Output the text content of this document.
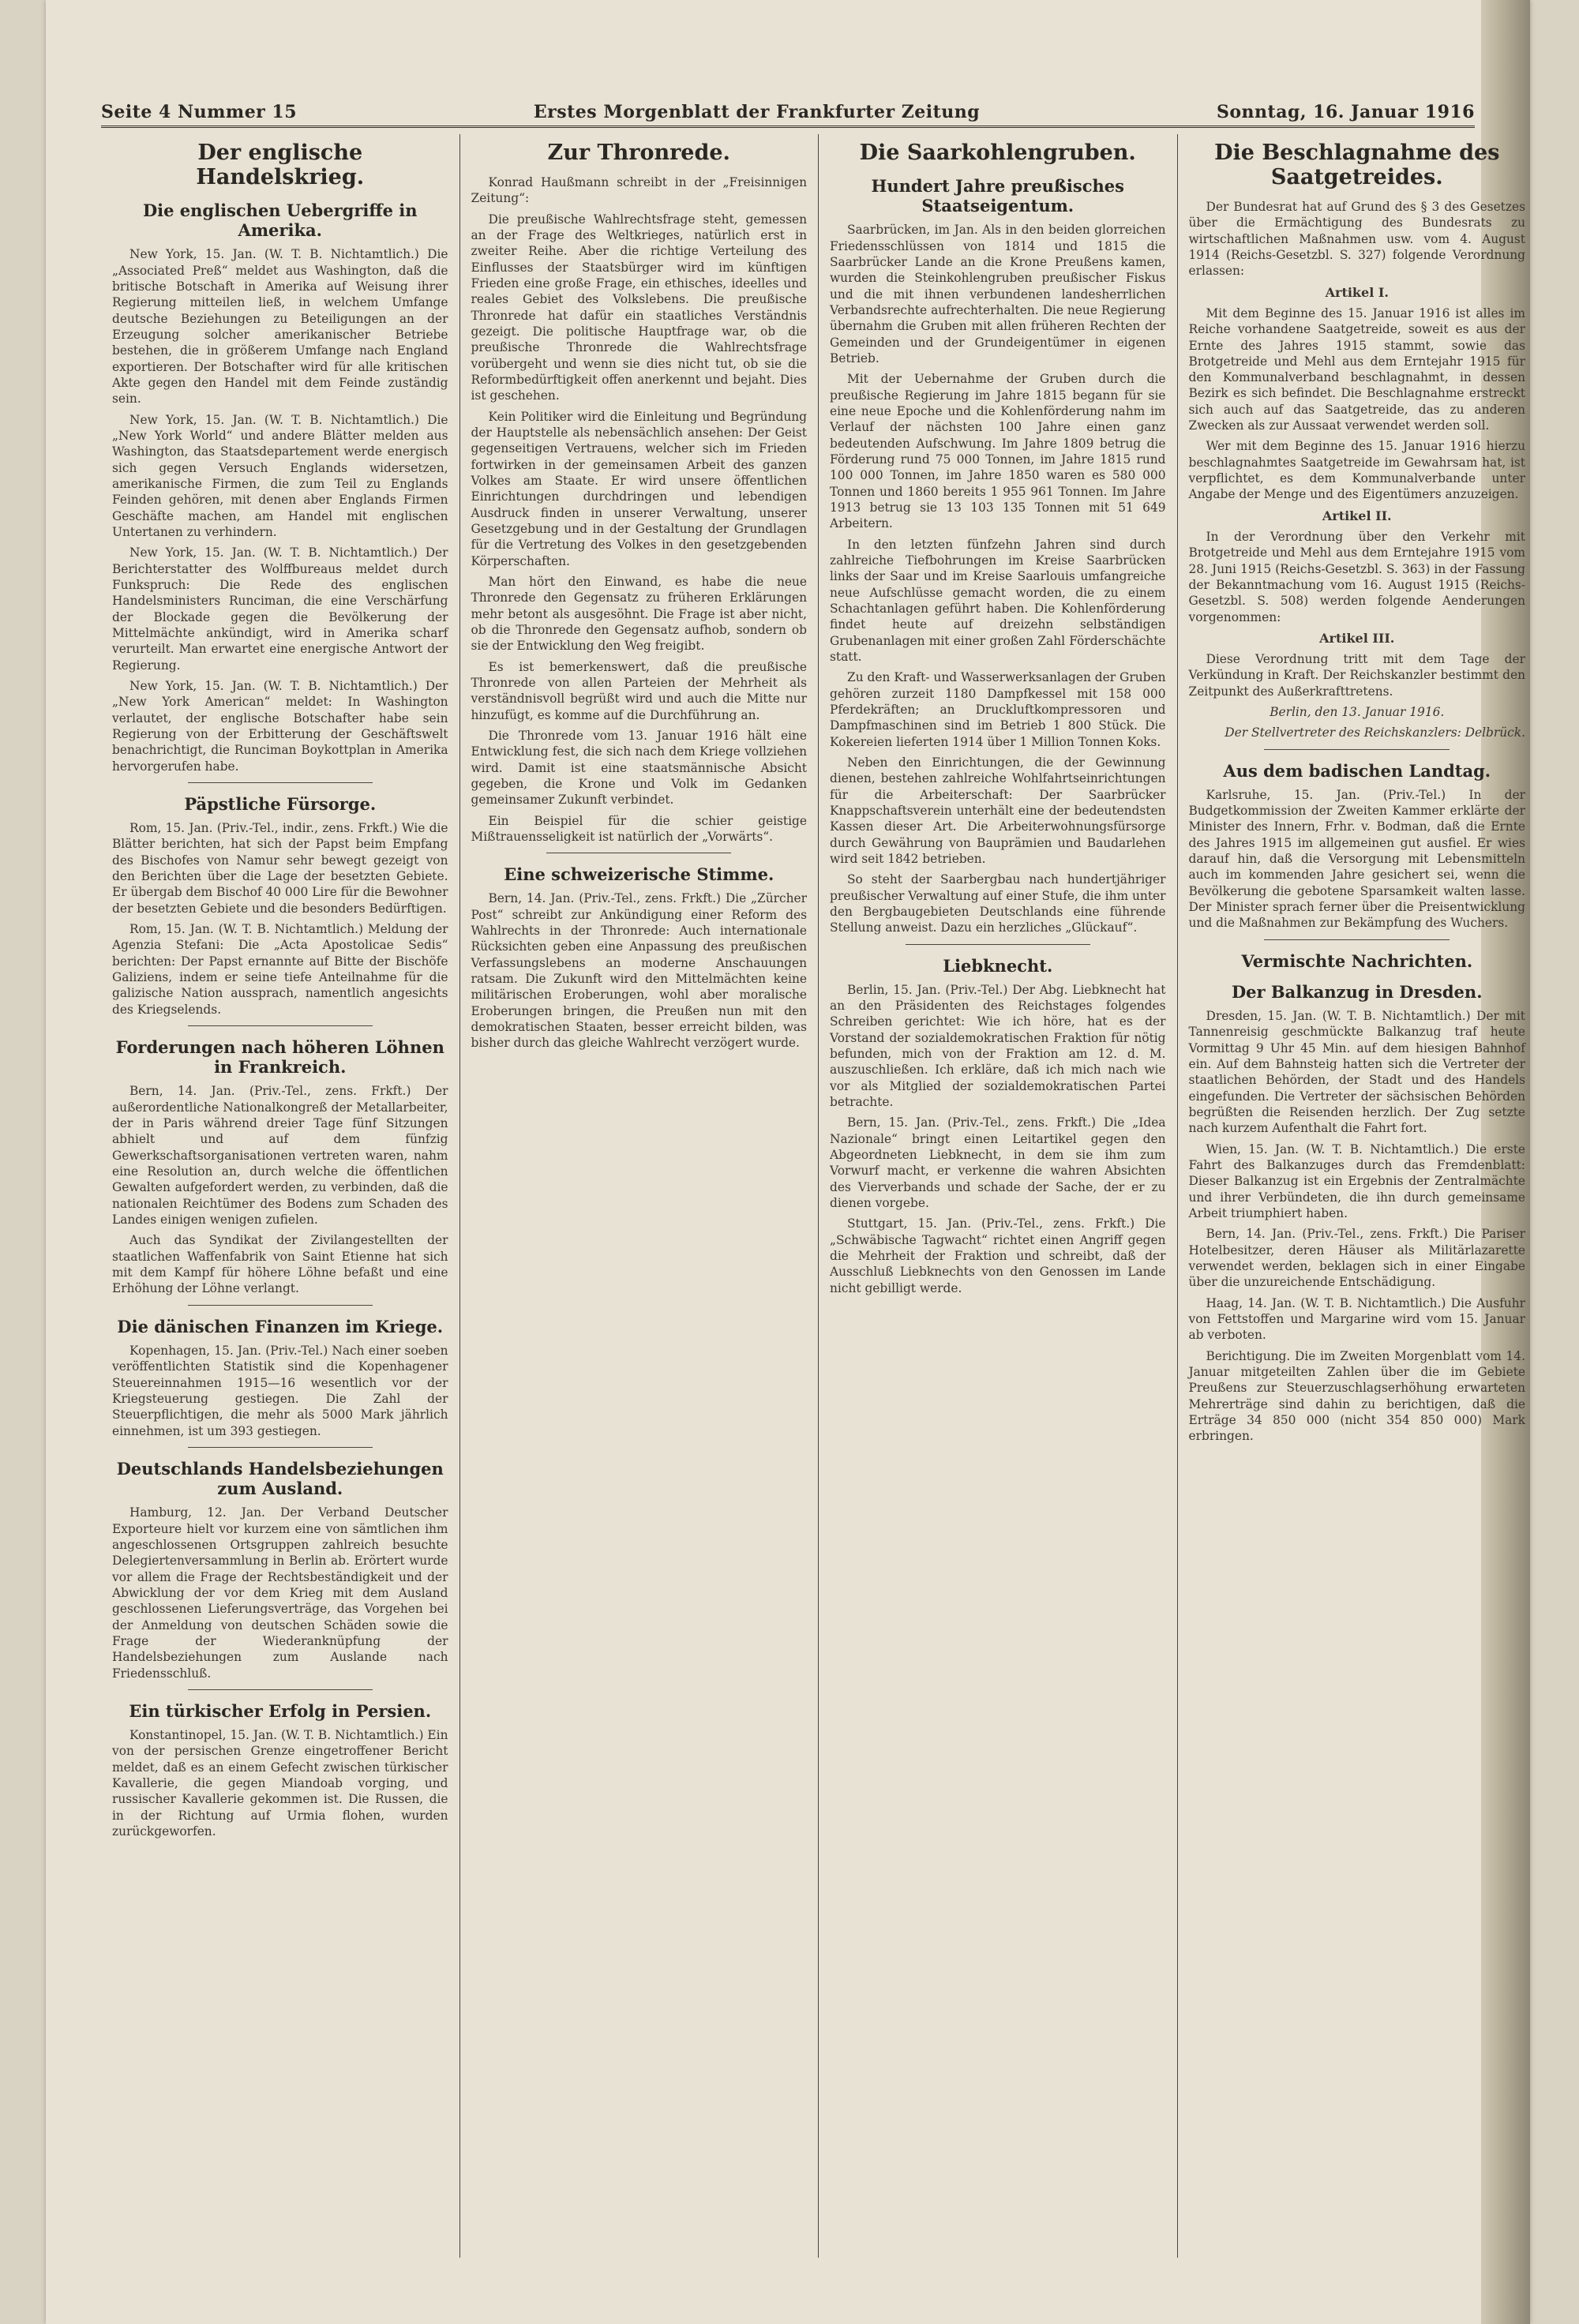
Seite 4 Nummer 15	Erstes Morgenblatt der Frankfurter Zeitung	Sonntag, 16. Januar 1916
Der englische Handelskrieg.
Die englischen Uebergriffe in Amerika.

New York, 15. Jan. (W. T. B. Nichtamtlich.) Die „Associated Preß“ meldet aus Washington, daß die britische Botschaft in Amerika auf Weisung ihrer Regierung mitteilen ließ, in welchem Umfange deutsche Beziehungen zu Beteiligungen an der Erzeugung solcher amerikanischer Betriebe bestehen, die in größerem Umfange nach England exportieren. Der Botschafter wird für alle kritischen Akte gegen den Handel mit dem Feinde zuständig sein.

New York, 15. Jan. (W. T. B. Nichtamtlich.) Die „New York World“ und andere Blätter melden aus Washington, das Staatsdepartement werde energisch sich gegen Versuch Englands widersetzen, amerikanische Firmen, die zum Teil zu Englands Feinden gehören, mit denen aber Englands Firmen Geschäfte machen, am Handel mit englischen Untertanen zu verhindern.

New York, 15. Jan. (W. T. B. Nichtamtlich.) Der Berichterstatter des Wolffbureaus meldet durch Funkspruch: Die Rede des englischen Handelsministers Runciman, die eine Verschärfung der Blockade gegen die Bevölkerung der Mittelmächte ankündigt, wird in Amerika scharf verurteilt. Man erwartet eine energische Antwort der Regierung.

New York, 15. Jan. (W. T. B. Nichtamtlich.) Der „New York American“ meldet: In Washington verlautet, der englische Botschafter habe sein Regierung von der Erbitterung der Geschäftswelt benachrichtigt, die Runciman Boykottplan in Amerika hervorgerufen habe.

Päpstliche Fürsorge.

Rom, 15. Jan. (Priv.-Tel., indir., zens. Frkft.) Wie die Blätter berichten, hat sich der Papst beim Empfang des Bischofes von Namur sehr bewegt gezeigt von den Berichten über die Lage der besetzten Gebiete. Er übergab dem Bischof 40 000 Lire für die Bewohner der besetzten Gebiete und die besonders Bedürftigen.

Rom, 15. Jan. (W. T. B. Nichtamtlich.) Meldung der Agenzia Stefani: Die „Acta Apostolicae Sedis“ berichten: Der Papst ernannte auf Bitte der Bischöfe Galiziens, indem er seine tiefe Anteilnahme für die galizische Nation aussprach, namentlich angesichts des Kriegselends.

Forderungen nach höheren Löhnen in Frankreich.

Bern, 14. Jan. (Priv.-Tel., zens. Frkft.) Der außerordentliche Nationalkongreß der Metallarbeiter, der in Paris während dreier Tage fünf Sitzungen abhielt und auf dem fünfzig Gewerkschaftsorganisationen vertreten waren, nahm eine Resolution an, durch welche die öffentlichen Gewalten aufgefordert werden, zu verbinden, daß die nationalen Reichtümer des Bodens zum Schaden des Landes einigen wenigen zufielen.

Auch das Syndikat der Zivilangestellten der staatlichen Waffenfabrik von Saint Etienne hat sich mit dem Kampf für höhere Löhne befaßt und eine Erhöhung der Löhne verlangt.

Die dänischen Finanzen im Kriege.

Kopenhagen, 15. Jan. (Priv.-Tel.) Nach einer soeben veröffentlichten Statistik sind die Kopenhagener Steuereinnahmen 1915—16 wesentlich vor der Kriegsteuerung gestiegen. Die Zahl der Steuerpflichtigen, die mehr als 5000 Mark jährlich einnehmen, ist um 393 gestiegen.

Deutschlands Handelsbeziehungen zum Ausland.

Hamburg, 12. Jan. Der Verband Deutscher Exporteure hielt vor kurzem eine von sämtlichen ihm angeschlossenen Ortsgruppen zahlreich besuchte Delegiertenversammlung in Berlin ab. Erörtert wurde vor allem die Frage der Rechtsbeständigkeit und der Abwicklung der vor dem Krieg mit dem Ausland geschlossenen Lieferungsverträge, das Vorgehen bei der Anmeldung von deutschen Schäden sowie die Frage der Wiederanknüpfung der Handelsbeziehungen zum Auslande nach Friedensschluß.

Ein türkischer Erfolg in Persien.

Konstantinopel, 15. Jan. (W. T. B. Nichtamtlich.) Ein von der persischen Grenze eingetroffener Bericht meldet, daß es an einem Gefecht zwischen türkischer Kavallerie, die gegen Miandoab vorging, und russischer Kavallerie gekommen ist. Die Russen, die in der Richtung auf Urmia flohen, wurden zurückgeworfen.

Zur Thronrede.

Konrad Haußmann schreibt in der „Freisinnigen Zeitung“:

Die preußische Wahlrechtsfrage steht, gemessen an der Frage des Weltkrieges, natürlich erst in zweiter Reihe. Aber die richtige Verteilung des Einflusses der Staatsbürger wird im künftigen Frieden eine große Frage, ein ethisches, ideelles und reales Gebiet des Volkslebens. Die preußische Thronrede hat dafür ein staatliches Verständnis gezeigt. Die politische Hauptfrage war, ob die preußische Thronrede die Wahlrechtsfrage vorübergeht und wenn sie dies nicht tut, ob sie die Reformbedürftigkeit offen anerkennt und bejaht. Dies ist geschehen.

Kein Politiker wird die Einleitung und Begründung der Hauptstelle als nebensächlich ansehen: Der Geist gegenseitigen Vertrauens, welcher sich im Frieden fortwirken in der gemeinsamen Arbeit des ganzen Volkes am Staate. Er wird unsere öffentlichen Einrichtungen durchdringen und lebendigen Ausdruck finden in unserer Verwaltung, unserer Gesetzgebung und in der Gestaltung der Grundlagen für die Vertretung des Volkes in den gesetzgebenden Körperschaften.

Man hört den Einwand, es habe die neue Thronrede den Gegensatz zu früheren Erklärungen mehr betont als ausgesöhnt. Die Frage ist aber nicht, ob die Thronrede den Gegensatz aufhob, sondern ob sie der Entwicklung den Weg freigibt.

Es ist bemerkenswert, daß die preußische Thronrede von allen Parteien der Mehrheit als verständnisvoll begrüßt wird und auch die Mitte nur hinzufügt, es komme auf die Durchführung an.

Die Thronrede vom 13. Januar 1916 hält eine Entwicklung fest, die sich nach dem Kriege vollziehen wird. Damit ist eine staatsmännische Absicht gegeben, die Krone und Volk im Gedanken gemeinsamer Zukunft verbindet.

Ein Beispiel für die schier geistige Mißtrauensseligkeit ist natürlich der „Vorwärts“.

Eine schweizerische Stimme.

Bern, 14. Jan. (Priv.-Tel., zens. Frkft.) Die „Zürcher Post“ schreibt zur Ankündigung einer Reform des Wahlrechts in der Thronrede: Auch internationale Rücksichten geben eine Anpassung des preußischen Verfassungslebens an moderne Anschauungen ratsam. Die Zukunft wird den Mittelmächten keine militärischen Eroberungen, wohl aber moralische Eroberungen bringen, die Preußen nun mit den demokratischen Staaten, besser erreicht bilden, was bisher durch das gleiche Wahlrecht verzögert wurde.

Die Saarkohlengruben.
Hundert Jahre preußisches Staatseigentum.

Saarbrücken, im Jan. Als in den beiden glorreichen Friedensschlüssen von 1814 und 1815 die Saarbrücker Lande an die Krone Preußens kamen, wurden die Steinkohlengruben preußischer Fiskus und die mit ihnen verbundenen landesherrlichen Verbandsrechte aufrechterhalten. Die neue Regierung übernahm die Gruben mit allen früheren Rechten der Gemeinden und der Grundeigentümer in eigenen Betrieb.

Mit der Uebernahme der Gruben durch die preußische Regierung im Jahre 1815 begann für sie eine neue Epoche und die Kohlenförderung nahm im Verlauf der nächsten 100 Jahre einen ganz bedeutenden Aufschwung. Im Jahre 1809 betrug die Förderung rund 75 000 Tonnen, im Jahre 1815 rund 100 000 Tonnen, im Jahre 1850 waren es 580 000 Tonnen und 1860 bereits 1 955 961 Tonnen. Im Jahre 1913 betrug sie 13 103 135 Tonnen mit 51 649 Arbeitern.

In den letzten fünfzehn Jahren sind durch zahlreiche Tiefbohrungen im Kreise Saarbrücken links der Saar und im Kreise Saarlouis umfangreiche neue Aufschlüsse gemacht worden, die zu einem Schachtanlagen geführt haben. Die Kohlenförderung findet heute auf dreizehn selbständigen Grubenanlagen mit einer großen Zahl Förderschächte statt.

Zu den Kraft- und Wasserwerksanlagen der Gruben gehören zurzeit 1180 Dampfkessel mit 158 000 Pferdekräften; an Druckluftkompressoren und Dampfmaschinen sind im Betrieb 1 800 Stück. Die Kokereien lieferten 1914 über 1 Million Tonnen Koks.

Neben den Einrichtungen, die der Gewinnung dienen, bestehen zahlreiche Wohlfahrtseinrichtungen für die Arbeiterschaft: Der Saarbrücker Knappschaftsverein unterhält eine der bedeutendsten Kassen dieser Art. Die Arbeiterwohnungsfürsorge durch Gewährung von Bauprämien und Baudarlehen wird seit 1842 betrieben.

So steht der Saarbergbau nach hundertjähriger preußischer Verwaltung auf einer Stufe, die ihm unter den Bergbaugebieten Deutschlands eine führende Stellung anweist. Dazu ein herzliches „Glückauf“.

Liebknecht.

Berlin, 15. Jan. (Priv.-Tel.) Der Abg. Liebknecht hat an den Präsidenten des Reichstages folgendes Schreiben gerichtet: Wie ich höre, hat es der Vorstand der sozialdemokratischen Fraktion für nötig befunden, mich von der Fraktion am 12. d. M. auszuschließen. Ich erkläre, daß ich mich nach wie vor als Mitglied der sozialdemokratischen Partei betrachte.

Bern, 15. Jan. (Priv.-Tel., zens. Frkft.) Die „Idea Nazionale“ bringt einen Leitartikel gegen den Abgeordneten Liebknecht, in dem sie ihm zum Vorwurf macht, er verkenne die wahren Absichten des Vierverbands und schade der Sache, der er zu dienen vorgebe.

Stuttgart, 15. Jan. (Priv.-Tel., zens. Frkft.) Die „Schwäbische Tagwacht“ richtet einen Angriff gegen die Mehrheit der Fraktion und schreibt, daß der Ausschluß Liebknechts von den Genossen im Lande nicht gebilligt werde.

Die Beschlagnahme des Saatgetreides.

Der Bundesrat hat auf Grund des § 3 des Gesetzes über die Ermächtigung des Bundesrats zu wirtschaftlichen Maßnahmen usw. vom 4. August 1914 (Reichs-Gesetzbl. S. 327) folgende Verordnung erlassen:

Artikel I.

Mit dem Beginne des 15. Januar 1916 ist alles im Reiche vorhandene Saatgetreide, soweit es aus der Ernte des Jahres 1915 stammt, sowie das Brotgetreide und Mehl aus dem Erntejahr 1915 für den Kommunalverband beschlagnahmt, in dessen Bezirk es sich befindet. Die Beschlagnahme erstreckt sich auch auf das Saatgetreide, das zu anderen Zwecken als zur Aussaat verwendet werden soll.

Wer mit dem Beginne des 15. Januar 1916 hierzu beschlagnahmtes Saatgetreide im Gewahrsam hat, ist verpflichtet, es dem Kommunalverbande unter Angabe der Menge und des Eigentümers anzuzeigen.

Artikel II.

In der Verordnung über den Verkehr mit Brotgetreide und Mehl aus dem Erntejahre 1915 vom 28. Juni 1915 (Reichs-Gesetzbl. S. 363) in der Fassung der Bekanntmachung vom 16. August 1915 (Reichs-Gesetzbl. S. 508) werden folgende Aenderungen vorgenommen:

Artikel III.

Diese Verordnung tritt mit dem Tage der Verkündung in Kraft. Der Reichskanzler bestimmt den Zeitpunkt des Außerkrafttretens.

Berlin, den 13. Januar 1916.

Der Stellvertreter des Reichskanzlers: Delbrück.

Aus dem badischen Landtag.

Karlsruhe, 15. Jan. (Priv.-Tel.) In der Budgetkommission der Zweiten Kammer erklärte der Minister des Innern, Frhr. v. Bodman, daß die Ernte des Jahres 1915 im allgemeinen gut ausfiel. Er wies darauf hin, daß die Versorgung mit Lebensmitteln auch im kommenden Jahre gesichert sei, wenn die Bevölkerung die gebotene Sparsamkeit walten lasse. Der Minister sprach ferner über die Preisentwicklung und die Maßnahmen zur Bekämpfung des Wuchers.

Vermischte Nachrichten.
Der Balkanzug in Dresden.

Dresden, 15. Jan. (W. T. B. Nichtamtlich.) Der mit Tannenreisig geschmückte Balkanzug traf heute Vormittag 9 Uhr 45 Min. auf dem hiesigen Bahnhof ein. Auf dem Bahnsteig hatten sich die Vertreter der staatlichen Behörden, der Stadt und des Handels eingefunden. Die Vertreter der sächsischen Behörden begrüßten die Reisenden herzlich. Der Zug setzte nach kurzem Aufenthalt die Fahrt fort.

Wien, 15. Jan. (W. T. B. Nichtamtlich.) Die erste Fahrt des Balkanzuges durch das Fremdenblatt: Dieser Balkanzug ist ein Ergebnis der Zentralmächte und ihrer Verbündeten, die ihn durch gemeinsame Arbeit triumphiert haben.

Bern, 14. Jan. (Priv.-Tel., zens. Frkft.) Die Pariser Hotelbesitzer, deren Häuser als Militärlazarette verwendet werden, beklagen sich in einer Eingabe über die unzureichende Entschädigung.

Haag, 14. Jan. (W. T. B. Nichtamtlich.) Die Ausfuhr von Fettstoffen und Margarine wird vom 15. Januar ab verboten.

Berichtigung. Die im Zweiten Morgenblatt vom 14. Januar mitgeteilten Zahlen über die im Gebiete Preußens zur Steuerzuschlagserhöhung erwarteten Mehrerträge sind dahin zu berichtigen, daß die Erträge 34 850 000 (nicht 354 850 000) Mark erbringen.
